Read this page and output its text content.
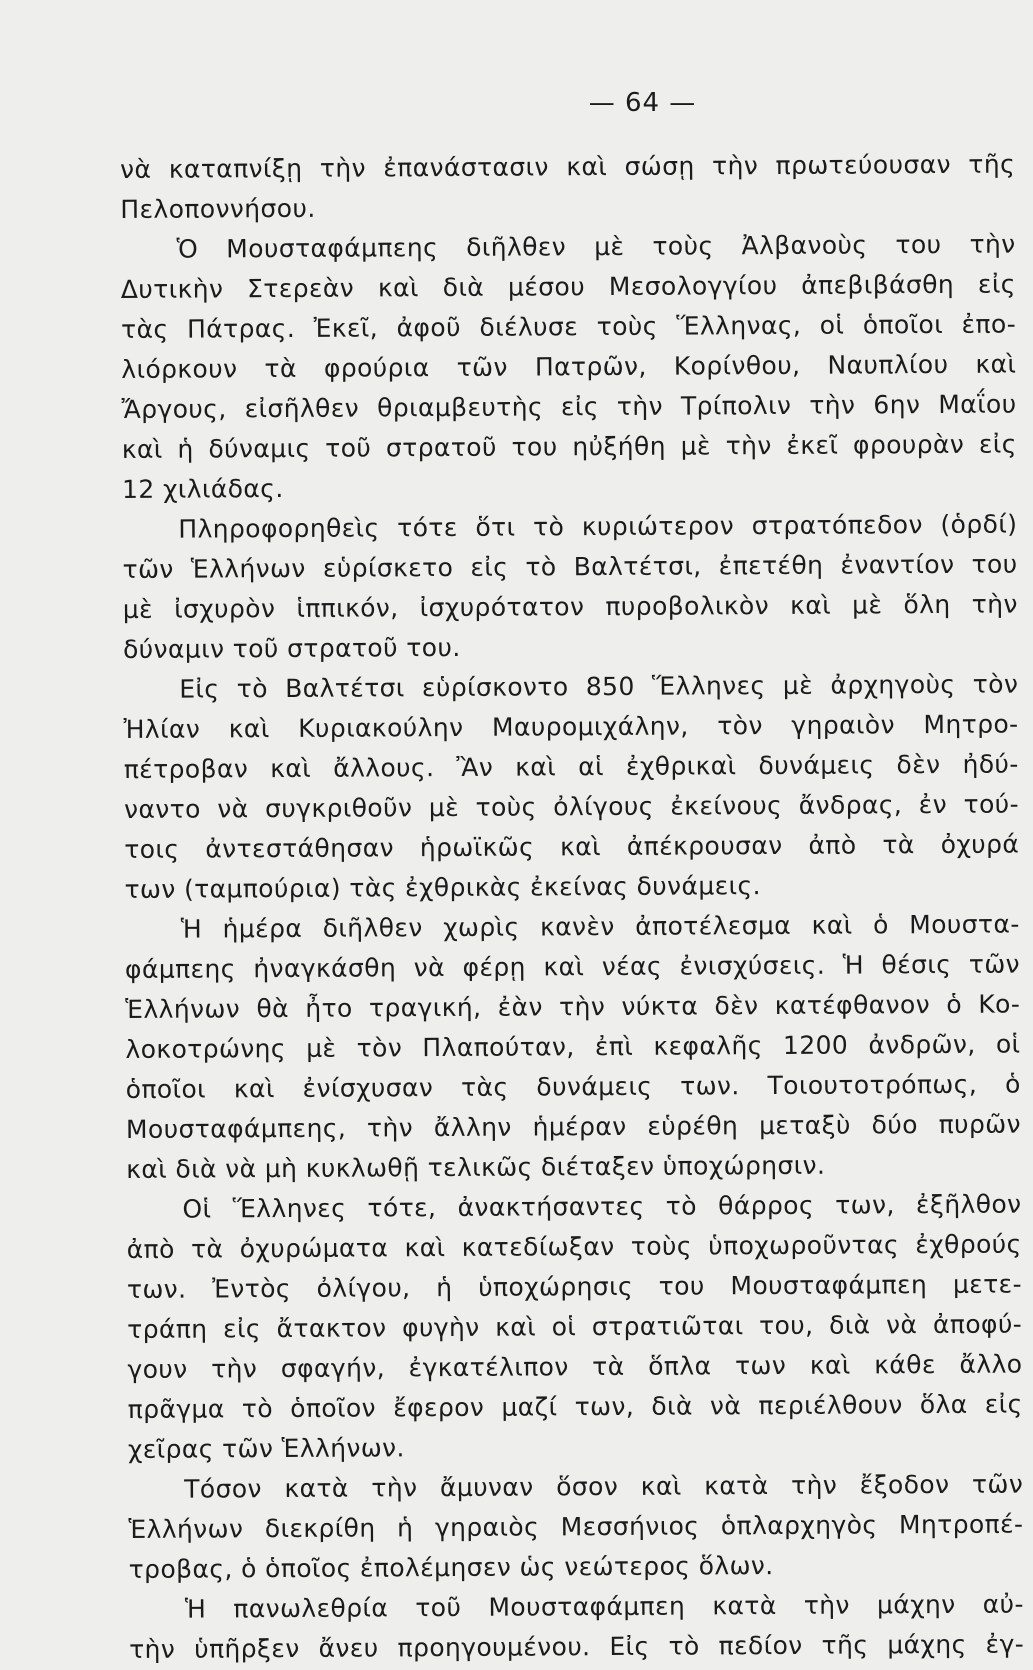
— 64 —
νὰ καταπνίξῃ τὴν ἐπανάστασιν καὶ σώσῃ τὴν πρωτεύουσαν τῆς
Πελοποννήσου.
Ὁ Μουσταφάμπεης διῆλθεν μὲ τοὺς Ἀλβανοὺς του τὴν
Δυτικὴν Στερεὰν καὶ διὰ μέσου Μεσολογγίου ἀπεβιβάσθη εἰς
τὰς Πάτρας. Ἐκεῖ, ἀφοῦ διέλυσε τοὺς Ἕλληνας, οἱ ὁποῖοι ἐπο-
λιόρκουν τὰ φρούρια τῶν Πατρῶν, Κορίνθου, Ναυπλίου καὶ
Ἄργους, εἰσῆλθεν θριαμβευτὴς εἰς τὴν Τρίπολιν τὴν 6ην Μαΐου
καὶ ἡ δύναμις τοῦ στρατοῦ του ηὐξήθη μὲ τὴν ἐκεῖ φρουρὰν εἰς
12 χιλιάδας.
Πληροφορηθεὶς τότε ὅτι τὸ κυριώτερον στρατόπεδον (ὁρδί)
τῶν Ἑλλήνων εὑρίσκετο εἰς τὸ Βαλτέτσι, ἐπετέθη ἐναντίον του
μὲ ἰσχυρὸν ἱππικόν, ἰσχυρότατον πυροβολικὸν καὶ μὲ ὅλη τὴν
δύναμιν τοῦ στρατοῦ του.
Εἰς τὸ Βαλτέτσι εὑρίσκοντο 850 Ἕλληνες μὲ ἀρχηγοὺς τὸν
Ἠλίαν καὶ Κυριακούλην Μαυρομιχάλην, τὸν γηραιὸν Μητρο-
πέτροβαν καὶ ἄλλους. Ἂν καὶ αἱ ἐχθρικαὶ δυνάμεις δὲν ἠδύ-
ναντο νὰ συγκριθοῦν μὲ τοὺς ὀλίγους ἐκείνους ἄνδρας, ἐν τού-
τοις ἀντεστάθησαν ἡρωϊκῶς καὶ ἀπέκρουσαν ἀπὸ τὰ ὀχυρά
των (ταμπούρια) τὰς ἐχθρικὰς ἐκείνας δυνάμεις.
Ἡ ἡμέρα διῆλθεν χωρὶς κανὲν ἀποτέλεσμα καὶ ὁ Μουστα-
φάμπεης ἠναγκάσθη νὰ φέρῃ καὶ νέας ἐνισχύσεις. Ἡ θέσις τῶν
Ἑλλήνων θὰ ἦτο τραγική, ἐὰν τὴν νύκτα δὲν κατέφθανον ὁ Κο-
λοκοτρώνης μὲ τὸν Πλαπούταν, ἐπὶ κεφαλῆς 1200 ἀνδρῶν, οἱ
ὁποῖοι καὶ ἐνίσχυσαν τὰς δυνάμεις των. Τοιουτοτρόπως, ὁ
Μουσταφάμπεης, τὴν ἄλλην ἡμέραν εὑρέθη μεταξὺ δύο πυρῶν
καὶ διὰ νὰ μὴ κυκλωθῇ τελικῶς διέταξεν ὑποχώρησιν.
Οἱ Ἕλληνες τότε, ἀνακτήσαντες τὸ θάρρος των, ἐξῆλθον
ἀπὸ τὰ ὀχυρώματα καὶ κατεδίωξαν τοὺς ὑποχωροῦντας ἐχθρούς
των. Ἐντὸς ὀλίγου, ἡ ὑποχώρησις του Μουσταφάμπεη μετε-
τράπη εἰς ἄτακτον φυγὴν καὶ οἱ στρατιῶται του, διὰ νὰ ἀποφύ-
γουν τὴν σφαγήν, ἐγκατέλιπον τὰ ὅπλα των καὶ κάθε ἄλλο
πρᾶγμα τὸ ὁποῖον ἔφερον μαζί των, διὰ νὰ περιέλθουν ὅλα εἰς
χεῖρας τῶν Ἑλλήνων.
Τόσον κατὰ τὴν ἄμυναν ὅσον καὶ κατὰ τὴν ἔξοδον τῶν
Ἑλλήνων διεκρίθη ἡ γηραιὸς Μεσσήνιος ὁπλαρχηγὸς Μητροπέ-
τροβας, ὁ ὁποῖος ἐπολέμησεν ὡς νεώτερος ὅλων.
Ἡ πανωλεθρία τοῦ Μουσταφάμπεη κατὰ τὴν μάχην αὐ-
τὴν ὑπῆρξεν ἄνευ προηγουμένου. Εἰς τὸ πεδίον τῆς μάχης ἐγ-
